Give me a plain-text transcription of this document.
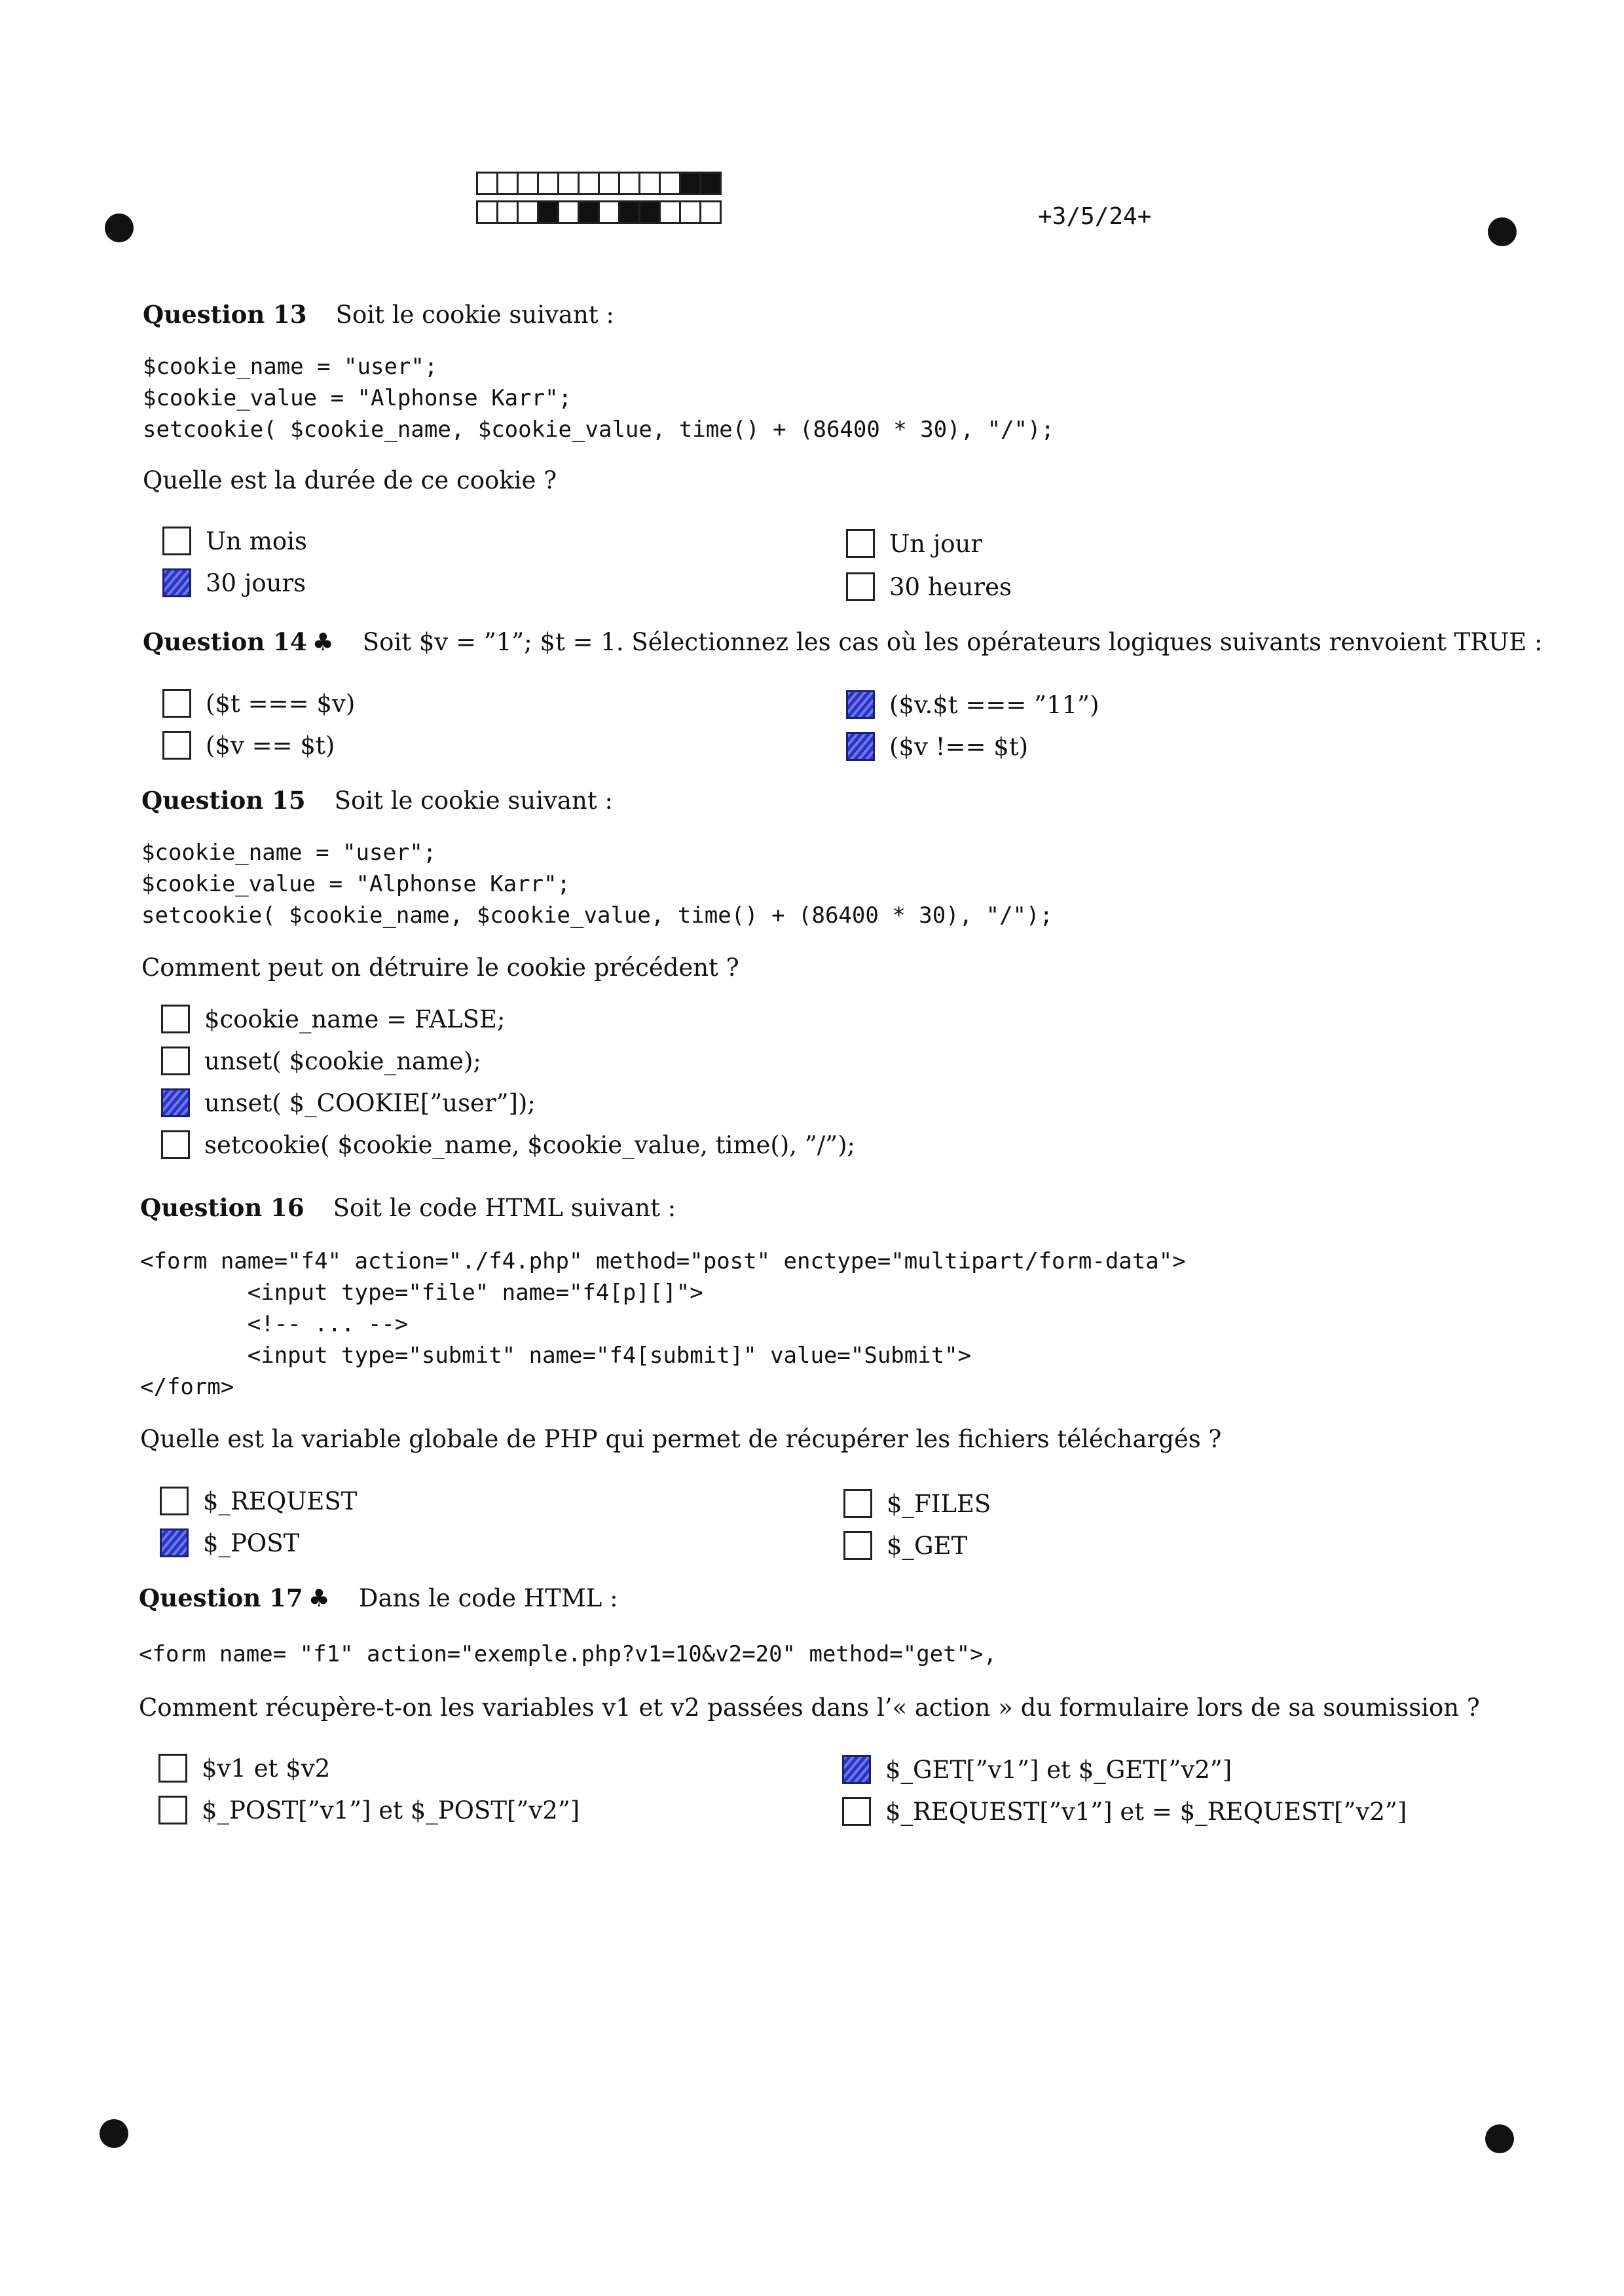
+3/5/24+
Question 13 Soit le cookie suivant :
$cookie_name = "user";
$cookie_value = "Alphonse Karr";
setcookie( $cookie_name, $cookie_value, time() + (86400 * 30), "/");
Quelle est la durée de ce cookie ?
Un mois
30 jours
Un jour
30 heures
Question 14 ♣ Soit $v = ”1”; $t = 1. Sélectionnez les cas où les opérateurs logiques suivants renvoient TRUE :
($t === $v)
($v == $t)
($v.$t === ”11”)
($v !== $t)
Question 15 Soit le cookie suivant :
$cookie_name = "user";
$cookie_value = "Alphonse Karr";
setcookie( $cookie_name, $cookie_value, time() + (86400 * 30), "/");
Comment peut on détruire le cookie précédent ?
$cookie_name = FALSE;
unset( $cookie_name);
unset( $_COOKIE[”user”]);
setcookie( $cookie_name, $cookie_value, time(), ”/”);
Question 16 Soit le code HTML suivant :
<form name="f4" action="./f4.php" method="post" enctype="multipart/form-data">
<input type="file" name="f4[p][]">
<!-- ... -->
<input type="submit" name="f4[submit]" value="Submit">
</form>
Quelle est la variable globale de PHP qui permet de récupérer les fichiers téléchargés ?
$_REQUEST
$_POST
$_FILES
$_GET
Question 17 ♣ Dans le code HTML :
<form name= "f1" action="exemple.php?v1=10&v2=20" method="get">,
Comment récupère-t-on les variables v1 et v2 passées dans l’« action » du formulaire lors de sa soumission ?
$v1 et $v2
$_POST[”v1”] et $_POST[”v2”]
$_GET[”v1”] et $_GET[”v2”]
$_REQUEST[”v1”] et = $_REQUEST[”v2”]
